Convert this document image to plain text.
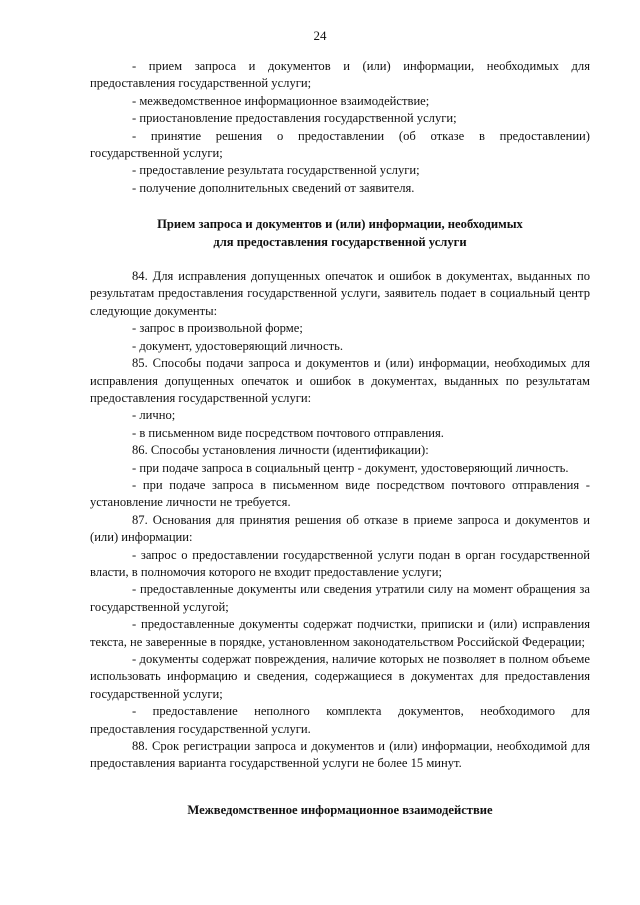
24

- прием запроса и документов и (или) информации, необходимых для предоставления государственной услуги;

- межведомственное информационное взаимодействие;

- приостановление предоставления государственной услуги;

- принятие решения о предоставлении (об отказе в предоставлении) государственной услуги;

- предоставление результата государственной услуги;

- получение дополнительных сведений от заявителя.

Прием запроса и документов и (или) информации, необходимых
для предоставления государственной услуги

84. Для исправления допущенных опечаток и ошибок в документах, выданных по результатам предоставления государственной услуги, заявитель подает в социальный центр следующие документы:

- запрос в произвольной форме;

- документ, удостоверяющий личность.

85. Способы подачи запроса и документов и (или) информации, необходимых для исправления допущенных опечаток и ошибок в документах, выданных по результатам предоставления государственной услуги:

- лично;

- в письменном виде посредством почтового отправления.

86. Способы установления личности (идентификации):

- при подаче запроса в социальный центр - документ, удостоверяющий личность.

- при подаче запроса в письменном виде посредством почтового отправления - установление личности не требуется.

87. Основания для принятия решения об отказе в приеме запроса и документов и (или) информации:

- запрос о предоставлении государственной услуги подан в орган государственной власти, в полномочия которого не входит предоставление услуги;

- предоставленные документы или сведения утратили силу на момент обращения за государственной услугой;

- предоставленные документы содержат подчистки, приписки и (или) исправления текста, не заверенные в порядке, установленном законодательством Российской Федерации;

- документы содержат повреждения, наличие которых не позволяет в полном объеме использовать информацию и сведения, содержащиеся в документах для предоставления государственной услуги;

- предоставление неполного комплекта документов, необходимого для предоставления государственной услуги.

88. Срок регистрации запроса и документов и (или) информации, необходимой для предоставления варианта государственной услуги не более 15 минут.

Межведомственное информационное взаимодействие
